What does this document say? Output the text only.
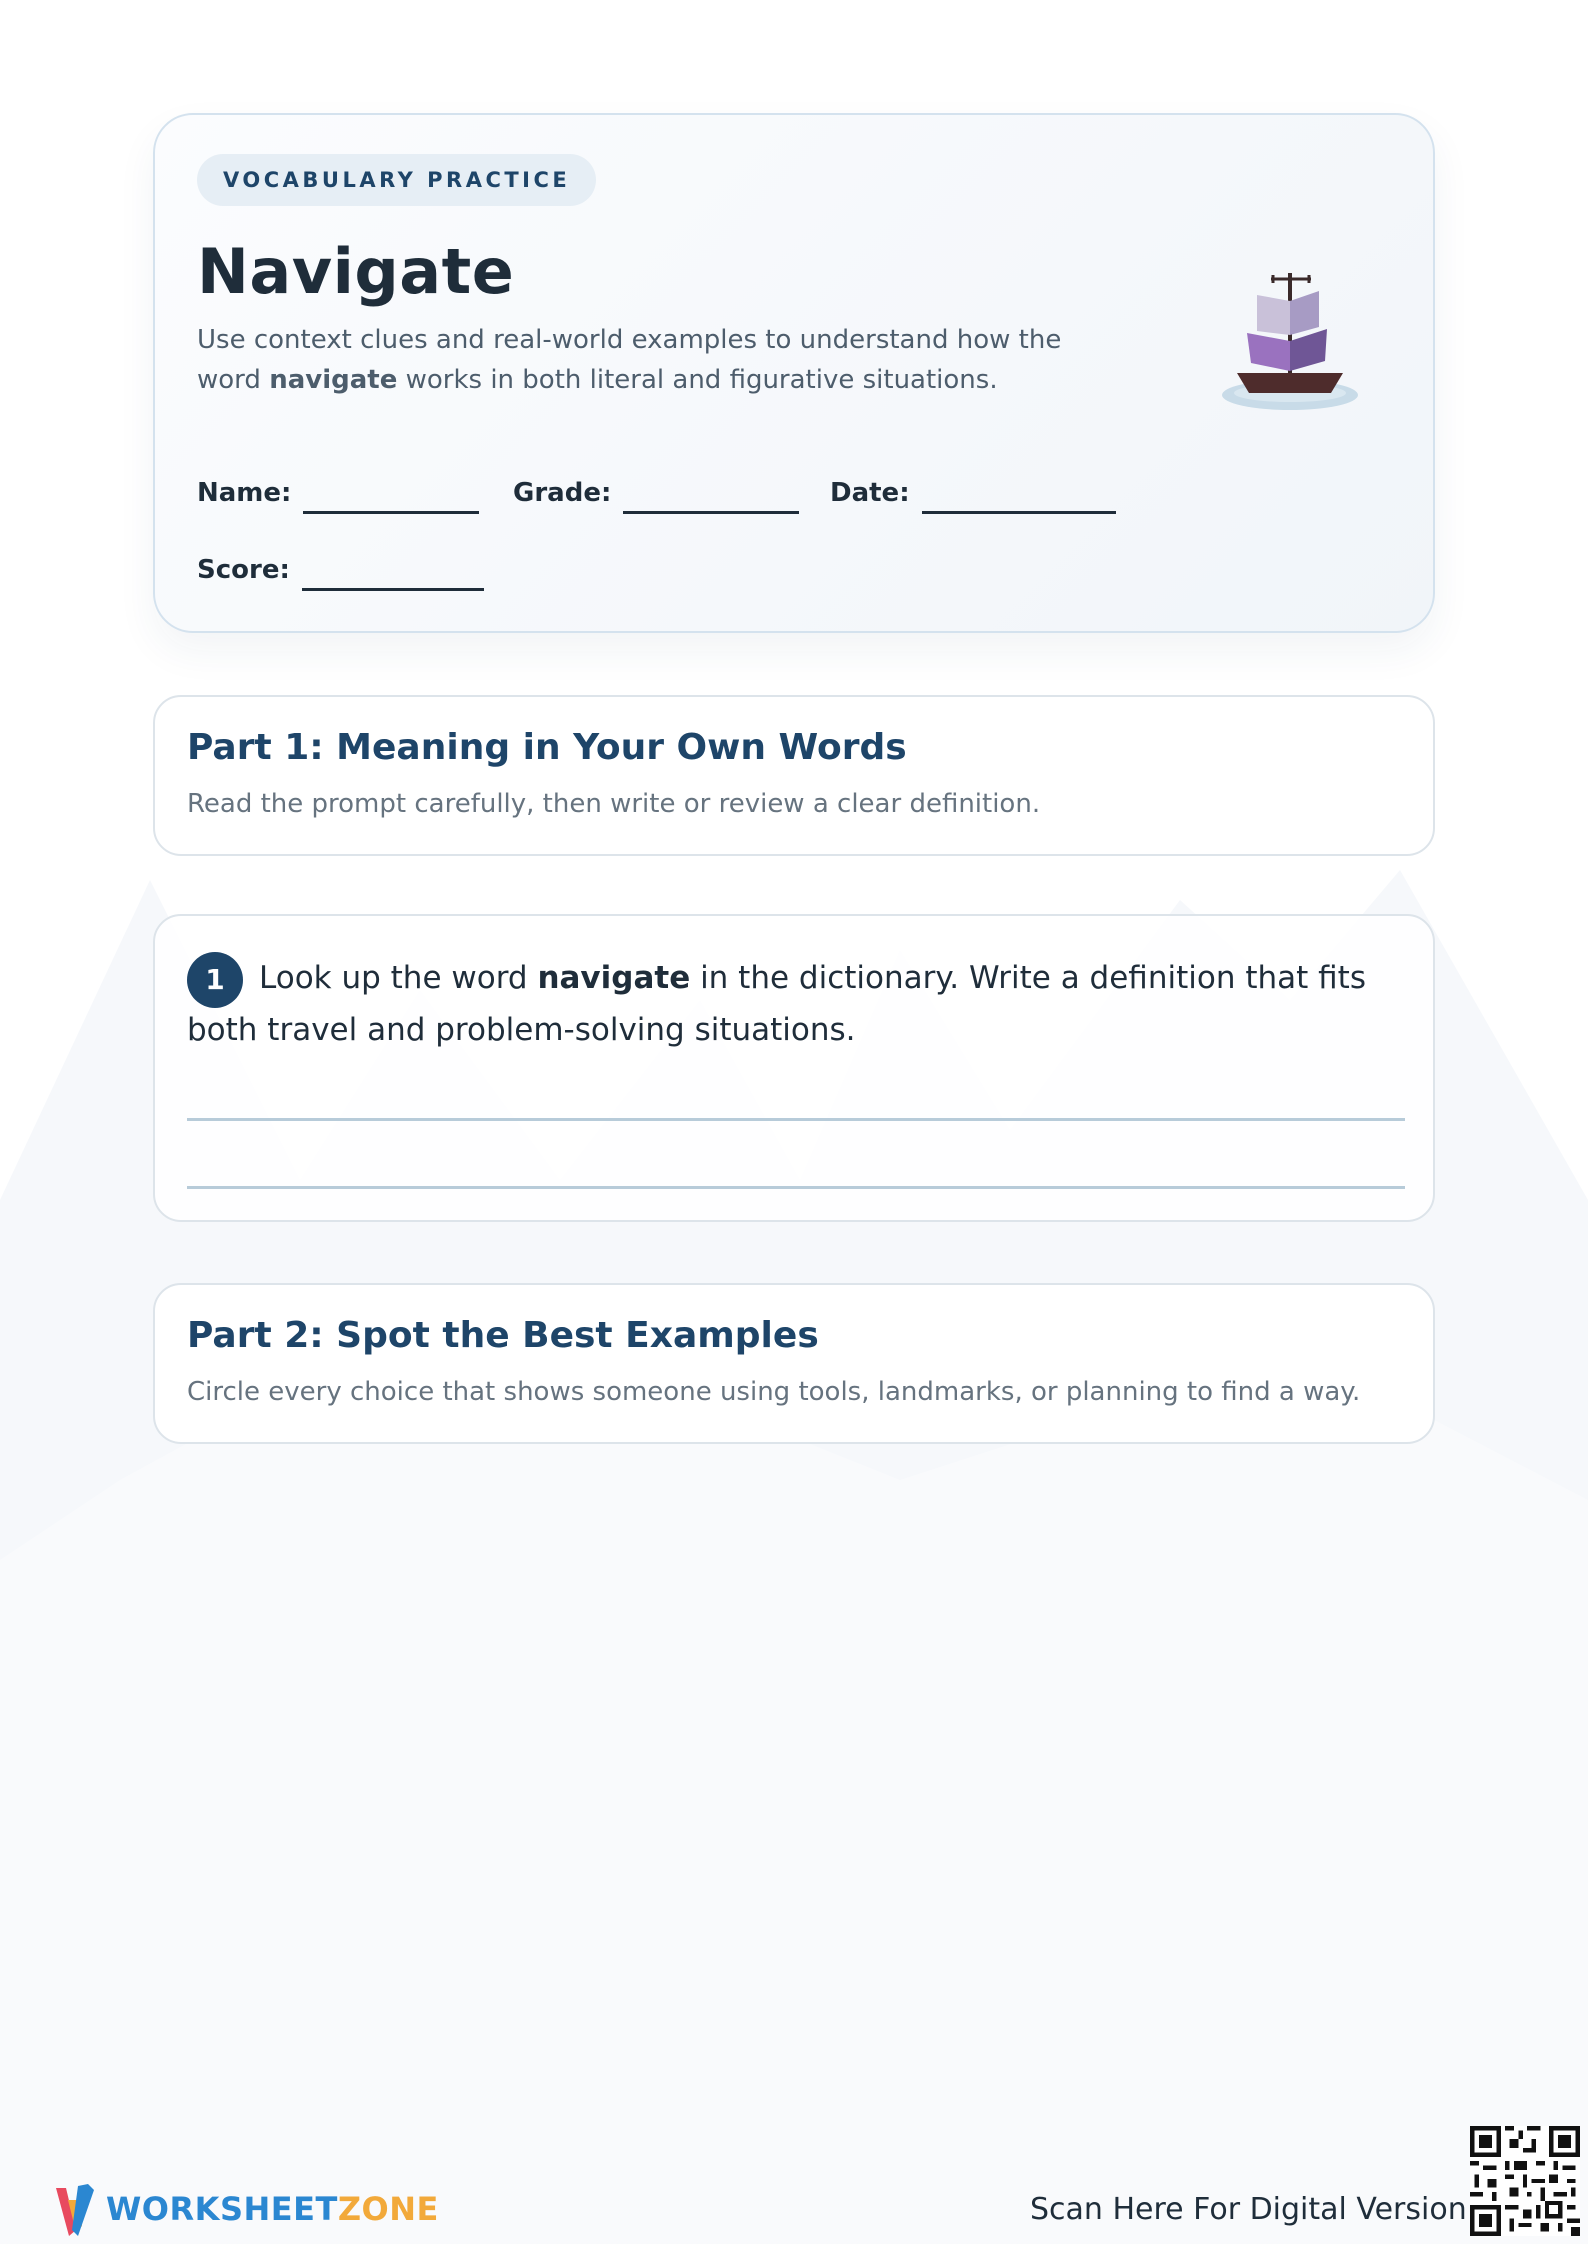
VOCABULARY PRACTICE
Navigate
Use context clues and real-world examples to understand how the word navigate works in both literal and figurative situations.
Name:	Grade:	Date:
Score:
Part 1: Meaning in Your Own Words
Read the prompt carefully, then write or review a clear definition.
1	Look up the word navigate in the dictionary. Write a definition that fits both travel and problem-solving situations.
Part 2: Spot the Best Examples
Circle every choice that shows someone using tools, landmarks, or planning to find a way.
WORKSHEETZONE	Scan Here For Digital Version
